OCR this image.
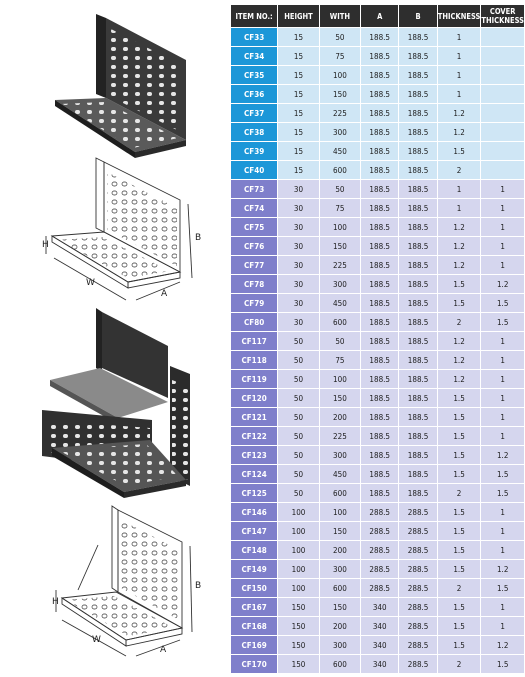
H
W
A
B
H
W
A
B
ITEM NO.:	HEIGHT	WITH	A	B	THICKNESS	COVER THICKNESS
CF33	15	50	188.5	188.5	1	
CF34	15	75	188.5	188.5	1	
CF35	15	100	188.5	188.5	1	
CF36	15	150	188.5	188.5	1	
CF37	15	225	188.5	188.5	1.2	
CF38	15	300	188.5	188.5	1.2	
CF39	15	450	188.5	188.5	1.5	
CF40	15	600	188.5	188.5	2	
CF73	30	50	188.5	188.5	1	1
CF74	30	75	188.5	188.5	1	1
CF75	30	100	188.5	188.5	1.2	1
CF76	30	150	188.5	188.5	1.2	1
CF77	30	225	188.5	188.5	1.2	1
CF78	30	300	188.5	188.5	1.5	1.2
CF79	30	450	188.5	188.5	1.5	1.5
CF80	30	600	188.5	188.5	2	1.5
CF117	50	50	188.5	188.5	1.2	1
CF118	50	75	188.5	188.5	1.2	1
CF119	50	100	188.5	188.5	1.2	1
CF120	50	150	188.5	188.5	1.5	1
CF121	50	200	188.5	188.5	1.5	1
CF122	50	225	188.5	188.5	1.5	1
CF123	50	300	188.5	188.5	1.5	1.2
CF124	50	450	188.5	188.5	1.5	1.5
CF125	50	600	188.5	188.5	2	1.5
CF146	100	100	288.5	288.5	1.5	1
CF147	100	150	288.5	288.5	1.5	1
CF148	100	200	288.5	288.5	1.5	1
CF149	100	300	288.5	288.5	1.5	1.2
CF150	100	600	288.5	288.5	2	1.5
CF167	150	150	340	288.5	1.5	1
CF168	150	200	340	288.5	1.5	1
CF169	150	300	340	288.5	1.5	1.2
CF170	150	600	340	288.5	2	1.5
